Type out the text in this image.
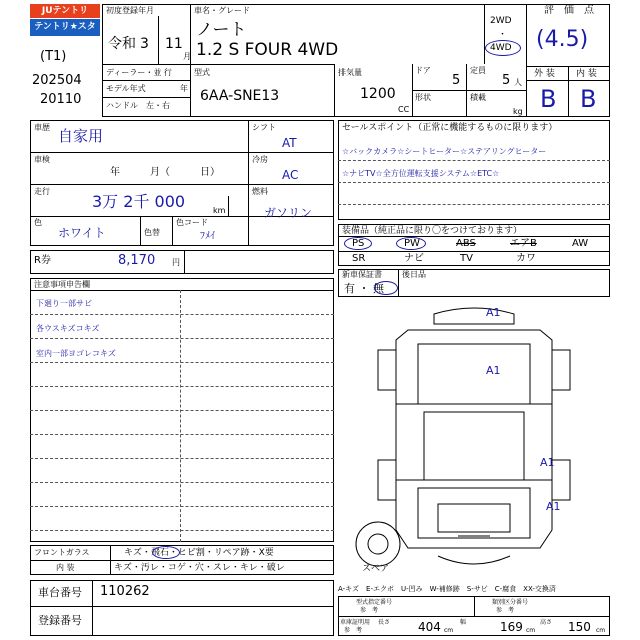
JUテントリ
テントリ★スター
(T1)
202504
20110
初度登録年月
令和 3 11
月
車名・グレード
ノート
1.2 S FOUR 4WD
2WD
・
4WD
ディーラー・並 行
モデル年式	年
ハンドル　左・右
型式
6AA-SNE13
排気量
1200
CC
ドア
5
定員
5 人
形状	積載
kg
評　価　点
(4.5)
外 装 内 装
B B
車歴 自家用
車検
年　　　月（　　　日）
走行
3万 2千 000	km
色
ホワイト	色替
色コード
ﾌﾒｲ
シフト
AT
冷房
AC
燃料
ガソリン
R券	8,170 円
注意事項申告欄
下廻り一部サビ
各ウスキズコキズ
室内一部ヨゴレコキズ
フロントガラス	キズ・飛石・ヒビ割・リペア跡・X要
内 装	キズ・汚レ・コゲ・穴・スレ・キレ・破レ
車台番号 110262
登録番号
セールスポイント（正常に機能するものに限ります）
☆バックカメラ☆シートヒーター☆ステアリングヒーター
☆ナビTV☆全方位運転支援システム☆ETC☆
装備品（純正品に限り〇をつけております）
PS	PW	ABS	エアB	AW
SR	ナビ	TV	カワ
新車保証書
有 ・ 無
後日品
A1
A1
A1
A1
スペア
A-キズ　E-エクボ　U-凹み　W-補修跡　S-サビ　C-腐食　XX-交換済
型式指定番号
参　考
類別区分番号
参　考
車庫証明用
参　考
長さ 404 cm
幅	169 cm
高さ 150 cm
